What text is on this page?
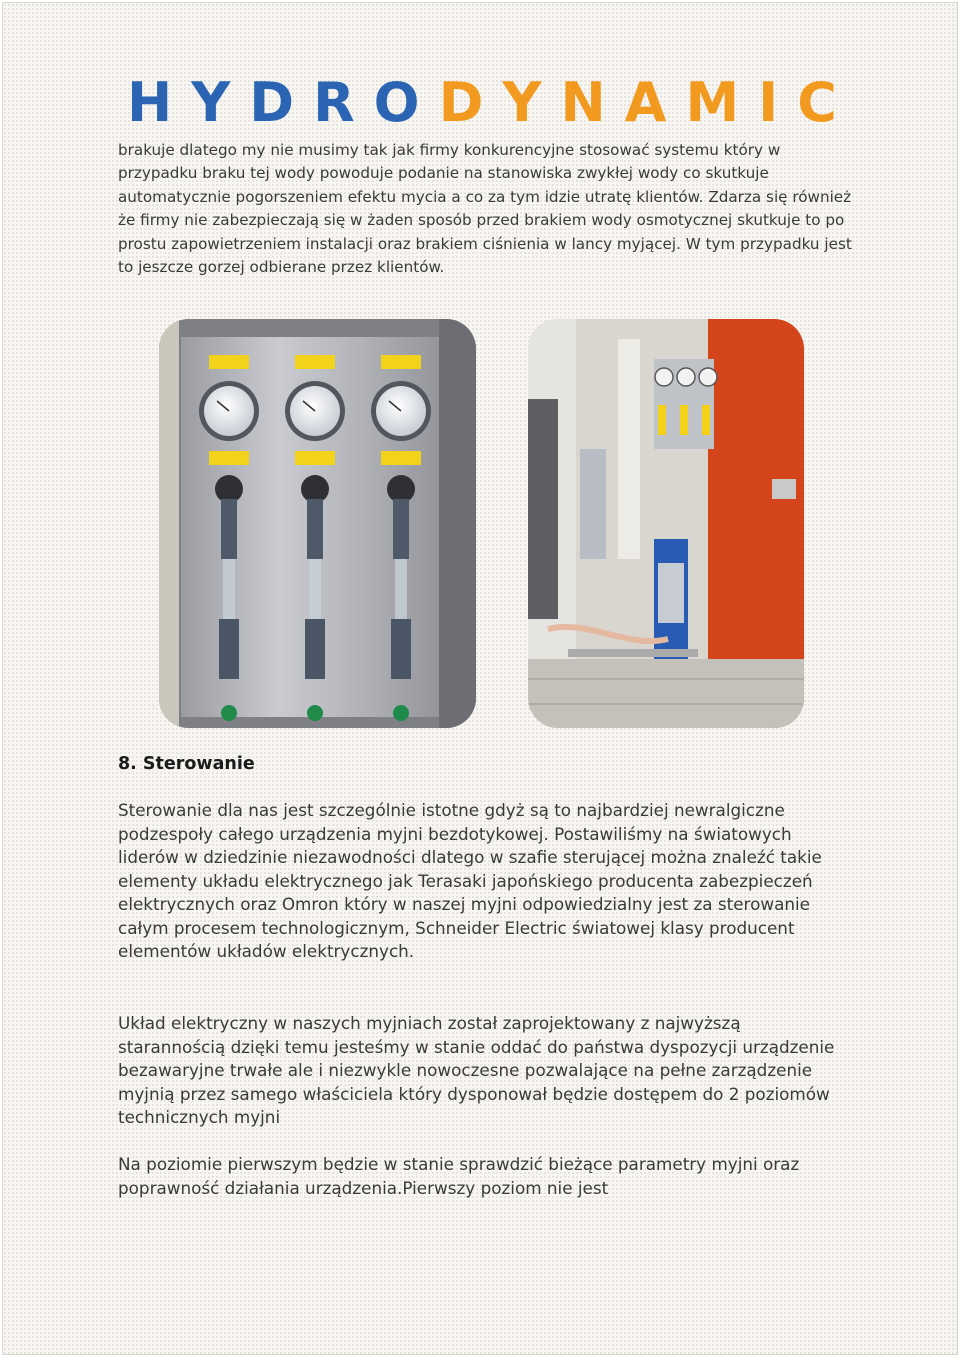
H Y D R O D Y N A M I C

brakuje dlatego my nie musimy tak jak firmy konkurencyjne stosować systemu który w przypadku braku tej wody powoduje podanie na stanowiska zwykłej wody co skutkuje automatycznie pogorszeniem efektu mycia a co za tym idzie utratę klientów. Zdarza się również że firmy nie zabezpieczają się w żaden sposób przed brakiem wody osmotycznej skutkuje to po prostu zapowietrzeniem instalacji oraz brakiem ciśnienia w lancy myjącej. W tym przypadku jest to jeszcze gorzej odbierane przez klientów.

8. Sterowanie

Sterowanie dla nas jest szczególnie istotne gdyż są to najbardziej newralgiczne podzespoły całego urządzenia myjni bezdotykowej. Postawiliśmy na światowych liderów w dziedzinie niezawodności dlatego w szafie sterującej można znaleźć takie elementy układu elektrycznego jak Terasaki japońskiego producenta zabezpieczeń elektrycznych oraz Omron który w naszej myjni odpowiedzialny jest za sterowanie całym procesem technologicznym, Schneider Electric światowej klasy producent elementów układów elektrycznych.

Układ elektryczny w naszych myjniach został zaprojektowany z najwyższą starannością dzięki temu jesteśmy w stanie oddać do państwa dyspozycji urządzenie bezawaryjne trwałe ale i niezwykle nowoczesne pozwalające na pełne zarządzenie myjnią przez samego właściciela który dysponował będzie dostępem do 2 poziomów technicznych myjni

Na poziomie pierwszym będzie w stanie sprawdzić bieżące parametry myjni oraz poprawność działania urządzenia.Pierwszy poziom nie jest
